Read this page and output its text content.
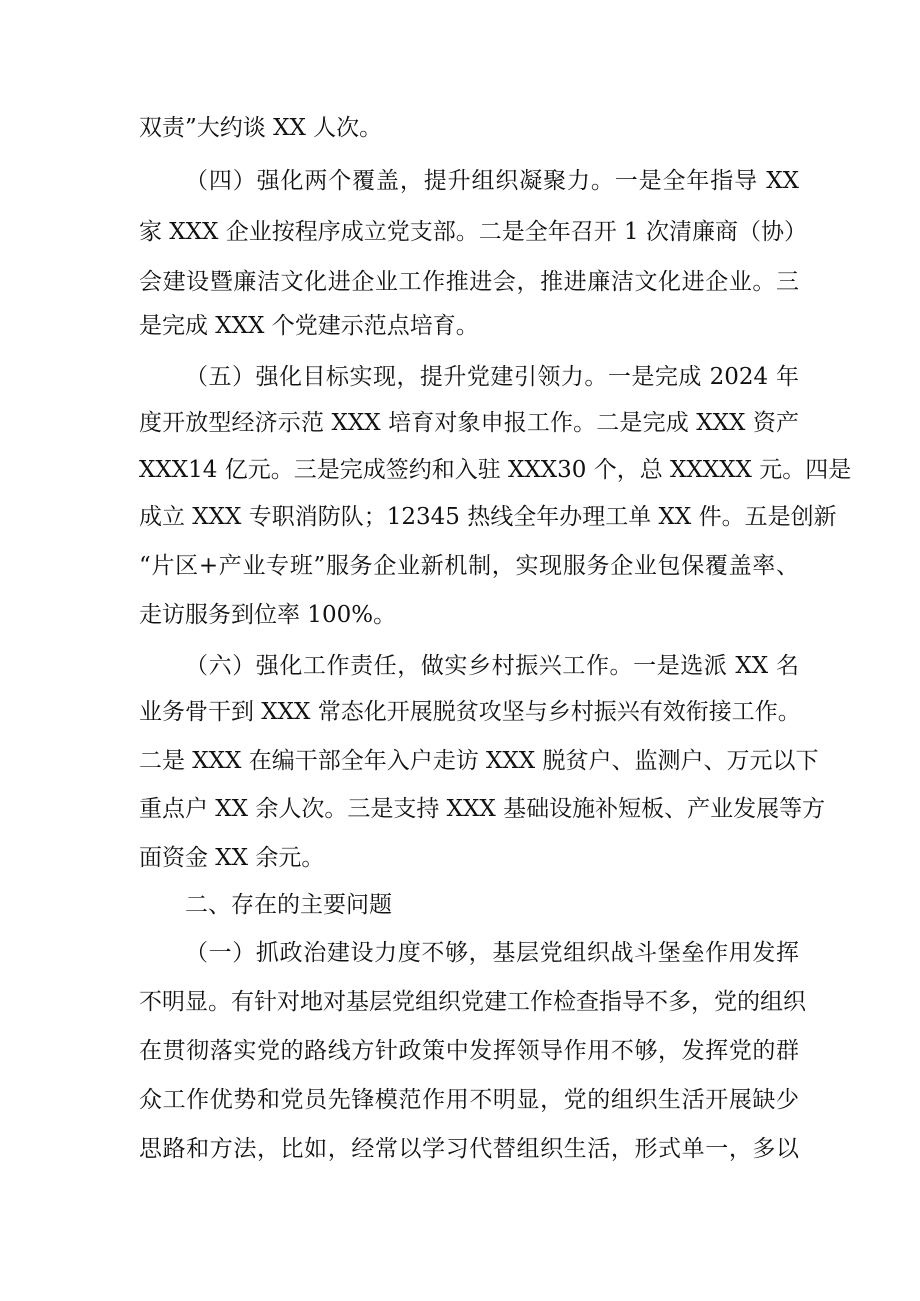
双责”大约谈 XX 人次。
（四）强化两个覆盖，提升组织凝聚力。一是全年指导 XX
家 XXX 企业按程序成立党支部。二是全年召开 1 次清廉商（协）
会建设暨廉洁文化进企业工作推进会，推进廉洁文化进企业。三
是完成 XXX 个党建示范点培育。
（五）强化目标实现，提升党建引领力。一是完成 2024 年
度开放型经济示范 XXX 培育对象申报工作。二是完成 XXX 资产
XXX14 亿元。三是完成签约和入驻 XXX30 个，总 XXXXX 元。四是
成立 XXX 专职消防队；12345 热线全年办理工单 XX 件。五是创新
“片区+产业专班”服务企业新机制，实现服务企业包保覆盖率、
走访服务到位率 100%。
（六）强化工作责任，做实乡村振兴工作。一是选派 XX 名
业务骨干到 XXX 常态化开展脱贫攻坚与乡村振兴有效衔接工作。
二是 XXX 在编干部全年入户走访 XXX 脱贫户、监测户、万元以下
重点户 XX 余人次。三是支持 XXX 基础设施补短板、产业发展等方
面资金 XX 余元。
二、存在的主要问题
（一）抓政治建设力度不够，基层党组织战斗堡垒作用发挥
不明显。有针对地对基层党组织党建工作检查指导不多，党的组织
在贯彻落实党的路线方针政策中发挥领导作用不够，发挥党的群
众工作优势和党员先锋模范作用不明显，党的组织生活开展缺少
思路和方法，比如，经常以学习代替组织生活，形式单一，多以
